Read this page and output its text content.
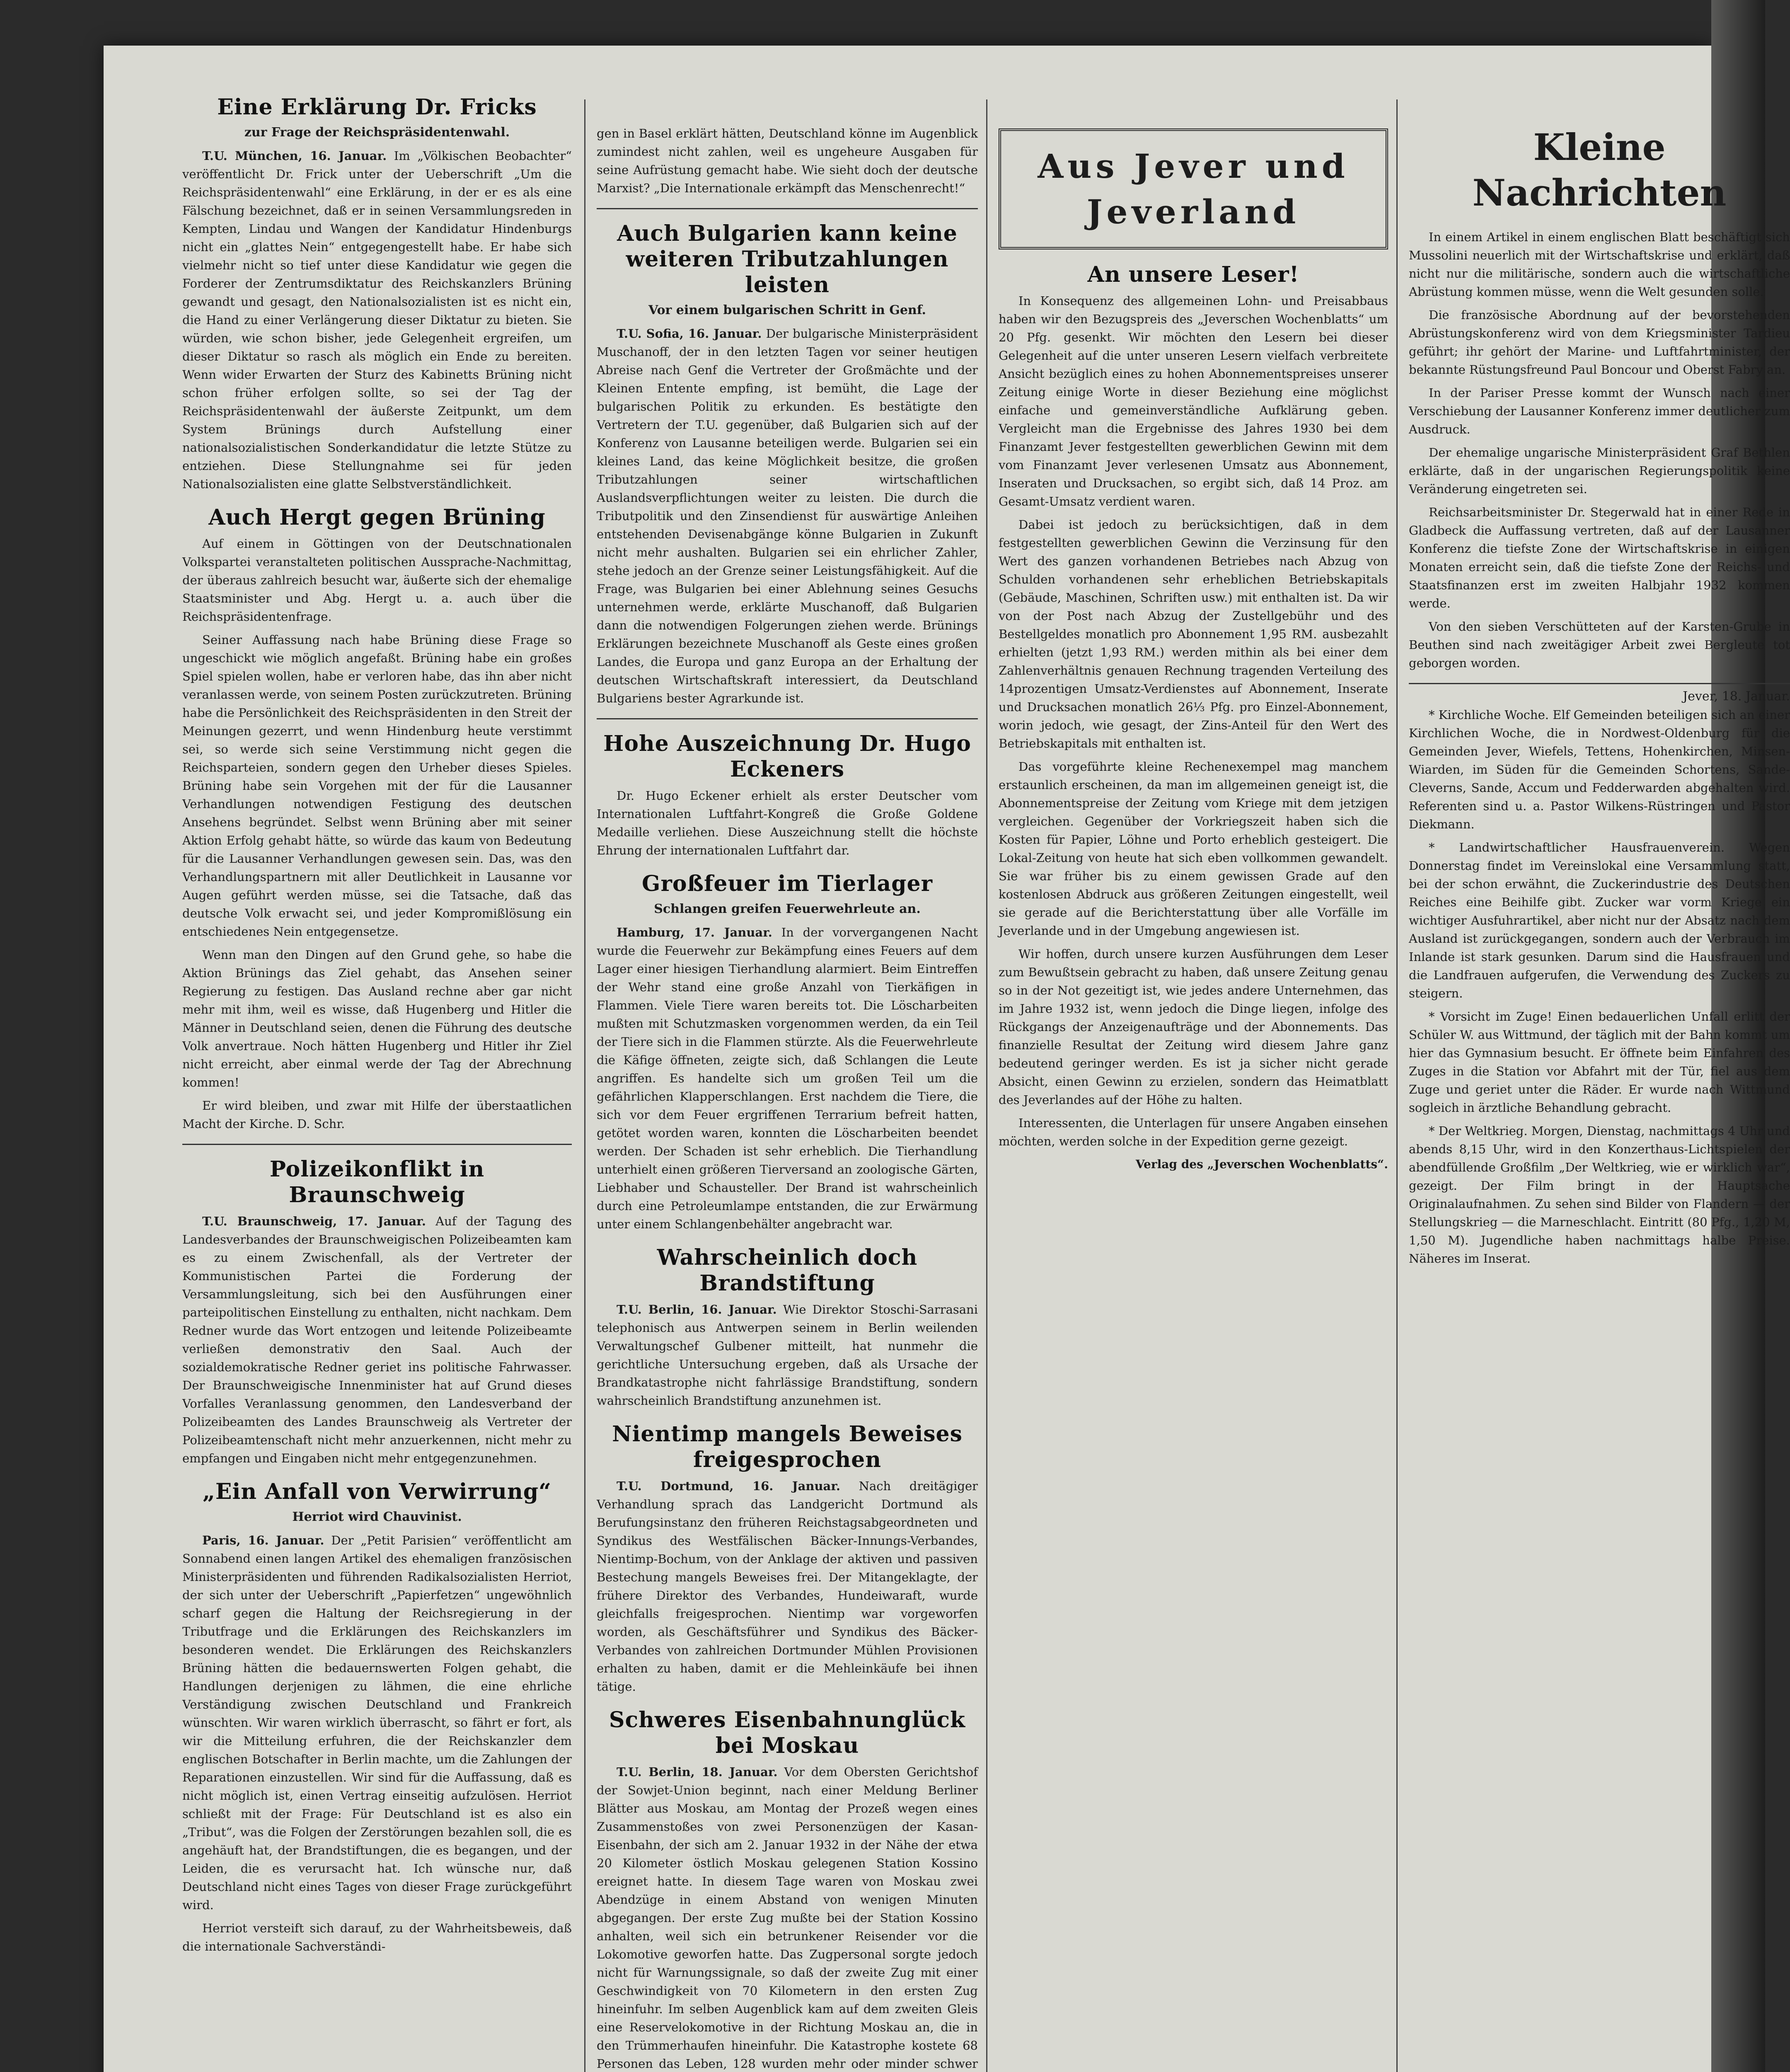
Eine Erklärung Dr. Fricks
zur Frage der Reichspräsidentenwahl.

T.U. München, 16. Januar. Im „Völkischen Beobachter“ veröffentlicht Dr. Frick unter der Ueberschrift „Um die Reichspräsidentenwahl“ eine Erklärung, in der er es als eine Fälschung bezeichnet, daß er in seinen Versammlungsreden in Kempten, Lindau und Wangen der Kandidatur Hindenburgs nicht ein „glattes Nein“ entgegengestellt habe. Er habe sich vielmehr nicht so tief unter diese Kandidatur wie gegen die Forderer der Zentrumsdiktatur des Reichskanzlers Brüning gewandt und gesagt, den Nationalsozialisten ist es nicht ein, die Hand zu einer Verlängerung dieser Diktatur zu bieten. Sie würden, wie schon bisher, jede Gelegenheit ergreifen, um dieser Diktatur so rasch als möglich ein Ende zu bereiten. Wenn wider Erwarten der Sturz des Kabinetts Brüning nicht schon früher erfolgen sollte, so sei der Tag der Reichspräsidentenwahl der äußerste Zeitpunkt, um dem System Brünings durch Aufstellung einer nationalsozialistischen Sonderkandidatur die letzte Stütze zu entziehen. Diese Stellungnahme sei für jeden Nationalsozialisten eine glatte Selbstverständlichkeit.

Auch Hergt gegen Brüning

Auf einem in Göttingen von der Deutschnationalen Volkspartei veranstalteten politischen Aussprache-Nachmittag, der überaus zahlreich besucht war, äußerte sich der ehemalige Staatsminister und Abg. Hergt u. a. auch über die Reichspräsidentenfrage.

Seiner Auffassung nach habe Brüning diese Frage so ungeschickt wie möglich angefaßt. Brüning habe ein großes Spiel spielen wollen, habe er verloren habe, das ihn aber nicht veranlassen werde, von seinem Posten zurückzutreten. Brüning habe die Persönlichkeit des Reichspräsidenten in den Streit der Meinungen gezerrt, und wenn Hindenburg heute verstimmt sei, so werde sich seine Verstimmung nicht gegen die Reichsparteien, sondern gegen den Urheber dieses Spieles. Brüning habe sein Vorgehen mit der für die Lausanner Verhandlungen notwendigen Festigung des deutschen Ansehens begründet. Selbst wenn Brüning aber mit seiner Aktion Erfolg gehabt hätte, so würde das kaum von Bedeutung für die Lausanner Verhandlungen gewesen sein. Das, was den Verhandlungspartnern mit aller Deutlichkeit in Lausanne vor Augen geführt werden müsse, sei die Tatsache, daß das deutsche Volk erwacht sei, und jeder Kompromißlösung ein entschiedenes Nein entgegensetze.

Wenn man den Dingen auf den Grund gehe, so habe die Aktion Brünings das Ziel gehabt, das Ansehen seiner Regierung zu festigen. Das Ausland rechne aber gar nicht mehr mit ihm, weil es wisse, daß Hugenberg und Hitler die Männer in Deutschland seien, denen die Führung des deutsche Volk anvertraue. Noch hätten Hugenberg und Hitler ihr Ziel nicht erreicht, aber einmal werde der Tag der Abrechnung kommen!

Er wird bleiben, und zwar mit Hilfe der überstaatlichen Macht der Kirche. D. Schr.

Polizeikonflikt in Braunschweig

T.U. Braunschweig, 17. Januar. Auf der Tagung des Landesverbandes der Braunschweigischen Polizeibeamten kam es zu einem Zwischenfall, als der Vertreter der Kommunistischen Partei die Forderung der Versammlungsleitung, sich bei den Ausführungen einer parteipolitischen Einstellung zu enthalten, nicht nachkam. Dem Redner wurde das Wort entzogen und leitende Polizeibeamte verließen demonstrativ den Saal. Auch der sozialdemokratische Redner geriet ins politische Fahrwasser. Der Braunschweigische Innenminister hat auf Grund dieses Vorfalles Veranlassung genommen, den Landesverband der Polizeibeamten des Landes Braunschweig als Vertreter der Polizeibeamtenschaft nicht mehr anzuerkennen, nicht mehr zu empfangen und Eingaben nicht mehr entgegenzunehmen.

„Ein Anfall von Verwirrung“
Herriot wird Chauvinist.

Paris, 16. Januar. Der „Petit Parisien“ veröffentlicht am Sonnabend einen langen Artikel des ehemaligen französischen Ministerpräsidenten und führenden Radikalsozialisten Herriot, der sich unter der Ueberschrift „Papierfetzen“ ungewöhnlich scharf gegen die Haltung der Reichsregierung in der Tributfrage und die Erklärungen des Reichskanzlers im besonderen wendet. Die Erklärungen des Reichskanzlers Brüning hätten die bedauernswerten Folgen gehabt, die Handlungen derjenigen zu lähmen, die eine ehrliche Verständigung zwischen Deutschland und Frankreich wünschten. Wir waren wirklich überrascht, so fährt er fort, als wir die Mitteilung erfuhren, die der Reichskanzler dem englischen Botschafter in Berlin machte, um die Zahlungen der Reparationen einzustellen. Wir sind für die Auffassung, daß es nicht möglich ist, einen Vertrag einseitig aufzulösen. Herriot schließt mit der Frage: Für Deutschland ist es also ein „Tribut“, was die Folgen der Zerstörungen bezahlen soll, die es angehäuft hat, der Brandstiftungen, die es begangen, und der Leiden, die es verursacht hat. Ich wünsche nur, daß Deutschland nicht eines Tages von dieser Frage zurückgeführt wird.

Herriot versteift sich darauf, zu der Wahrheitsbeweis, daß die internationale Sachverständi-

gen in Basel erklärt hätten, Deutschland könne im Augenblick zumindest nicht zahlen, weil es ungeheure Ausgaben für seine Aufrüstung gemacht habe. Wie sieht doch der deutsche Marxist? „Die Internationale erkämpft das Menschenrecht!“

Auch Bulgarien kann keine weiteren Tributzahlungen leisten
Vor einem bulgarischen Schritt in Genf.

T.U. Sofia, 16. Januar. Der bulgarische Ministerpräsident Muschanoff, der in den letzten Tagen vor seiner heutigen Abreise nach Genf die Vertreter der Großmächte und der Kleinen Entente empfing, ist bemüht, die Lage der bulgarischen Politik zu erkunden. Es bestätigte den Vertretern der T.U. gegenüber, daß Bulgarien sich auf der Konferenz von Lausanne beteiligen werde. Bulgarien sei ein kleines Land, das keine Möglichkeit besitze, die großen Tributzahlungen seiner wirtschaftlichen Auslandsverpflichtungen weiter zu leisten. Die durch die Tributpolitik und den Zinsendienst für auswärtige Anleihen entstehenden Devisenabgänge könne Bulgarien in Zukunft nicht mehr aushalten. Bulgarien sei ein ehrlicher Zahler, stehe jedoch an der Grenze seiner Leistungsfähigkeit. Auf die Frage, was Bulgarien bei einer Ablehnung seines Gesuchs unternehmen werde, erklärte Muschanoff, daß Bulgarien dann die notwendigen Folgerungen ziehen werde. Brünings Erklärungen bezeichnete Muschanoff als Geste eines großen Landes, die Europa und ganz Europa an der Erhaltung der deutschen Wirtschaftskraft interessiert, da Deutschland Bulgariens bester Agrarkunde ist.

Hohe Auszeichnung Dr. Hugo Eckeners

Dr. Hugo Eckener erhielt als erster Deutscher vom Internationalen Luftfahrt-Kongreß die Große Goldene Medaille verliehen. Diese Auszeichnung stellt die höchste Ehrung der internationalen Luftfahrt dar.

Großfeuer im Tierlager
Schlangen greifen Feuerwehrleute an.

Hamburg, 17. Januar. In der vorvergangenen Nacht wurde die Feuerwehr zur Bekämpfung eines Feuers auf dem Lager einer hiesigen Tierhandlung alarmiert. Beim Eintreffen der Wehr stand eine große Anzahl von Tierkäfigen in Flammen. Viele Tiere waren bereits tot. Die Löscharbeiten mußten mit Schutzmasken vorgenommen werden, da ein Teil der Tiere sich in die Flammen stürzte. Als die Feuerwehrleute die Käfige öffneten, zeigte sich, daß Schlangen die Leute angriffen. Es handelte sich um großen Teil um die gefährlichen Klapperschlangen. Erst nachdem die Tiere, die sich vor dem Feuer ergriffenen Terrarium befreit hatten, getötet worden waren, konnten die Löscharbeiten beendet werden. Der Schaden ist sehr erheblich. Die Tierhandlung unterhielt einen größeren Tierversand an zoologische Gärten, Liebhaber und Schausteller. Der Brand ist wahrscheinlich durch eine Petroleumlampe entstanden, die zur Erwärmung unter einem Schlangenbehälter angebracht war.

Wahrscheinlich doch Brandstiftung

T.U. Berlin, 16. Januar. Wie Direktor Stoschi-Sarrasani telephonisch aus Antwerpen seinem in Berlin weilenden Verwaltungschef Gulbener mitteilt, hat nunmehr die gerichtliche Untersuchung ergeben, daß als Ursache der Brandkatastrophe nicht fahrlässige Brandstiftung, sondern wahrscheinlich Brandstiftung anzunehmen ist.

Nientimp mangels Beweises freigesprochen

T.U. Dortmund, 16. Januar. Nach dreitägiger Verhandlung sprach das Landgericht Dortmund als Berufungsinstanz den früheren Reichstagsabgeordneten und Syndikus des Westfälischen Bäcker-Innungs-Verbandes, Nientimp-Bochum, von der Anklage der aktiven und passiven Bestechung mangels Beweises frei. Der Mitangeklagte, der frühere Direktor des Verbandes, Hundeiwaraft, wurde gleichfalls freigesprochen. Nientimp war vorgeworfen worden, als Geschäftsführer und Syndikus des Bäcker-Verbandes von zahlreichen Dortmunder Mühlen Provisionen erhalten zu haben, damit er die Mehleinkäufe bei ihnen tätige.

Schweres Eisenbahnunglück bei Moskau

T.U. Berlin, 18. Januar. Vor dem Obersten Gerichtshof der Sowjet-Union beginnt, nach einer Meldung Berliner Blätter aus Moskau, am Montag der Prozeß wegen eines Zusammenstoßes von zwei Personenzügen der Kasan-Eisenbahn, der sich am 2. Januar 1932 in der Nähe der etwa 20 Kilometer östlich Moskau gelegenen Station Kossino ereignet hatte. In diesem Tage waren von Moskau zwei Abendzüge in einem Abstand von wenigen Minuten abgegangen. Der erste Zug mußte bei der Station Kossino anhalten, weil sich ein betrunkener Reisender vor die Lokomotive geworfen hatte. Das Zugpersonal sorgte jedoch nicht für Warnungssignale, so daß der zweite Zug mit einer Geschwindigkeit von 70 Kilometern in den ersten Zug hineinfuhr. Im selben Augenblick kam auf dem zweiten Gleis eine Reservelokomotive in der Richtung Moskau an, die in den Trümmerhaufen hineinfuhr. Die Katastrophe kostete 68 Personen das Leben, 128 wurden mehr oder minder schwer

Aus Jever und Jeverland
An unsere Leser!

In Konsequenz des allgemeinen Lohn- und Preisabbaus haben wir den Bezugspreis des „Jeverschen Wochenblatts“ um 20 Pfg. gesenkt. Wir möchten den Lesern bei dieser Gelegenheit auf die unter unseren Lesern vielfach verbreitete Ansicht bezüglich eines zu hohen Abonnementspreises unserer Zeitung einige Worte in dieser Beziehung eine möglichst einfache und gemeinverständliche Aufklärung geben. Vergleicht man die Ergebnisse des Jahres 1930 bei dem Finanzamt Jever festgestellten gewerblichen Gewinn mit dem vom Finanzamt Jever verlesenen Umsatz aus Abonnement, Inseraten und Drucksachen, so ergibt sich, daß 14 Proz. am Gesamt-Umsatz verdient waren.

Dabei ist jedoch zu berücksichtigen, daß in dem festgestellten gewerblichen Gewinn die Verzinsung für den Wert des ganzen vorhandenen Betriebes nach Abzug von Schulden vorhandenen sehr erheblichen Betriebskapitals (Gebäude, Maschinen, Schriften usw.) mit enthalten ist. Da wir von der Post nach Abzug der Zustellgebühr und des Bestellgeldes monatlich pro Abonnement 1,95 RM. ausbezahlt erhielten (jetzt 1,93 RM.) werden mithin als bei einer dem Zahlenverhältnis genauen Rechnung tragenden Verteilung des 14prozentigen Umsatz-Verdienstes auf Abonnement, Inserate und Drucksachen monatlich 26⅓ Pfg. pro Einzel-Abonnement, worin jedoch, wie gesagt, der Zins-Anteil für den Wert des Betriebskapitals mit enthalten ist.

Das vorgeführte kleine Rechenexempel mag manchem erstaunlich erscheinen, da man im allgemeinen geneigt ist, die Abonnementspreise der Zeitung vom Kriege mit dem jetzigen vergleichen. Gegenüber der Vorkriegszeit haben sich die Kosten für Papier, Löhne und Porto erheblich gesteigert. Die Lokal-Zeitung von heute hat sich eben vollkommen gewandelt. Sie war früher bis zu einem gewissen Grade auf den kostenlosen Abdruck aus größeren Zeitungen eingestellt, weil sie gerade auf die Berichterstattung über alle Vorfälle im Jeverlande und in der Umgebung angewiesen ist.

Wir hoffen, durch unsere kurzen Ausführungen dem Leser zum Bewußtsein gebracht zu haben, daß unsere Zeitung genau so in der Not gezeitigt ist, wie jedes andere Unternehmen, das im Jahre 1932 ist, wenn jedoch die Dinge liegen, infolge des Rückgangs der Anzeigenaufträge und der Abonnements. Das finanzielle Resultat der Zeitung wird diesem Jahre ganz bedeutend geringer werden. Es ist ja sicher nicht gerade Absicht, einen Gewinn zu erzielen, sondern das Heimatblatt des Jeverlandes auf der Höhe zu halten.

Interessenten, die Unterlagen für unsere Angaben einsehen möchten, werden solche in der Expedition gerne gezeigt.

Verlag des „Jeverschen Wochenblatts“.
Kleine Nachrichten

In einem Artikel in einem englischen Blatt beschäftigt sich Mussolini neuerlich mit der Wirtschaftskrise und erklärt, daß nicht nur die militärische, sondern auch die wirtschaftliche Abrüstung kommen müsse, wenn die Welt gesunden solle.

Die französische Abordnung auf der bevorstehenden Abrüstungskonferenz wird von dem Kriegsminister Tardieu geführt; ihr gehört der Marine- und Luftfahrtminister, der bekannte Rüstungsfreund Paul Boncour und Oberst Fabry an.

In der Pariser Presse kommt der Wunsch nach einer Verschiebung der Lausanner Konferenz immer deutlicher zum Ausdruck.

Der ehemalige ungarische Ministerpräsident Graf Bethlen erklärte, daß in der ungarischen Regierungspolitik keine Veränderung eingetreten sei.

Reichsarbeitsminister Dr. Stegerwald hat in einer Rede in Gladbeck die Auffassung vertreten, daß auf der Lausanner Konferenz die tiefste Zone der Wirtschaftskrise in einigen Monaten erreicht sein, daß die tiefste Zone der Reichs- und Staatsfinanzen erst im zweiten Halbjahr 1932 kommen werde.

Von den sieben Verschütteten auf der Karsten-Grube in Beuthen sind nach zweitägiger Arbeit zwei Bergleute tot geborgen worden.

Jever, 18. Januar.

* Kirchliche Woche. Elf Gemeinden beteiligen sich an einer Kirchlichen Woche, die in Nordwest-Oldenburg für die Gemeinden Jever, Wiefels, Tettens, Hohenkirchen, Minsen-Wiarden, im Süden für die Gemeinden Schortens, Sande-Cleverns, Sande, Accum und Fedderwarden abgehalten wird. Referenten sind u. a. Pastor Wilkens-Rüstringen und Pastor Diekmann.

* Landwirtschaftlicher Hausfrauenverein. Wegen Donnerstag findet im Vereinslokal eine Versammlung statt, bei der schon erwähnt, die Zuckerindustrie des Deutschen Reiches eine Beihilfe gibt. Zucker war vorm Kriege ein wichtiger Ausfuhrartikel, aber nicht nur der Absatz nach dem Ausland ist zurückgegangen, sondern auch der Verbrauch im Inlande ist stark gesunken. Darum sind die Hausfrauen und die Landfrauen aufgerufen, die Verwendung des Zuckers zu steigern.

* Vorsicht im Zuge! Einen bedauerlichen Unfall erlitt der Schüler W. aus Wittmund, der täglich mit der Bahn kommt um hier das Gymnasium besucht. Er öffnete beim Einfahren des Zuges in die Station vor Abfahrt mit der Tür, fiel aus dem Zuge und geriet unter die Räder. Er wurde nach Wittmund sogleich in ärztliche Behandlung gebracht.

* Der Weltkrieg. Morgen, Dienstag, nachmittags 4 Uhr und abends 8,15 Uhr, wird in den Konzerthaus-Lichtspielen der abendfüllende Großfilm „Der Weltkrieg, wie er wirklich war“, gezeigt. Der Film bringt in der Hauptsache Originalaufnahmen. Zu sehen sind Bilder von Flandern — der Stellungskrieg — die Marneschlacht. Eintritt (80 Pfg., 1,20 M, 1,50 M). Jugendliche haben nachmittags halbe Preise. Näheres im Inserat.
